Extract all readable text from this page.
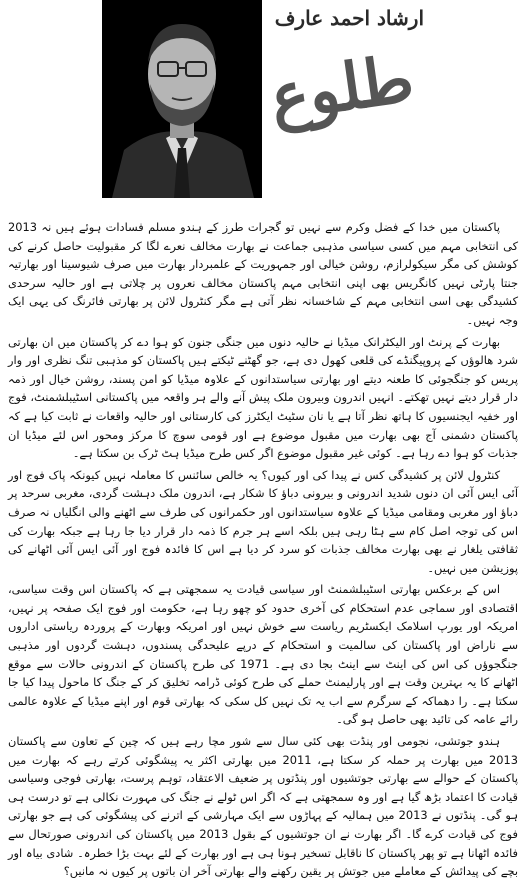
ارشاد احمد عارف
طلوع

پاکستان میں خدا کے فضل وکرم سے نہیں تو گجرات طرز کے ہندو مسلم فسادات ہوئے ہیں نہ 2013 کی انتخابی مہم میں کسی سیاسی مذہبی جماعت نے بھارت مخالف نعرے لگا کر مقبولیت حاصل کرنے کی کوشش کی مگر سیکولرازم، روشن خیالی اور جمہوریت کے علمبردار بھارت میں صرف شیوسینا اور بھارتیہ جنتا پارٹی نہیں کانگریس بھی اپنی انتخابی مہم پاکستان مخالف نعروں پر چلاتی ہے اور حالیہ سرحدی کشیدگی بھی اسی انتخابی مہم کے شاخسانہ نظر آتی ہے مگر کنٹرول لائن پر بھارتی فائرنگ کی یہی ایک وجہ نہیں۔

بھارت کے پرنٹ اور الیکٹرانک میڈیا نے حالیہ دنوں میں جنگی جنون کو ہوا دے کر پاکستان میں ان بھارتی شرد ھالوؤں کے پروپیگنڈے کی قلعی کھول دی ہے، جو گھٹنے ٹیکتے ہیں پاکستان کو مذہبی تنگ نظری اور وار پریس کو جنگجوئی کا طعنہ دیتے اور بھارتی سیاستدانوں کے علاوہ میڈیا کو امن پسند، روشن خیال اور ذمہ دار قرار دیتے نہیں تھکتے۔ انہیں اندرون وبیرون ملک پیش آنے والے ہر واقعہ میں پاکستانی اسٹیبلشمنٹ، فوج اور خفیہ ایجنسیوں کا ہاتھ نظر آتا ہے یا نان سٹیٹ ایکٹرز کی کارستانی اور حالیہ واقعات نے ثابت کیا ہے کہ پاکستان دشمنی آج بھی بھارت میں مقبول موضوع ہے اور قومی سوچ کا مرکز ومحور اس لئے میڈیا ان جذبات کو ہوا دے رہا ہے۔ کوئی غیر مقبول موضوع اگر کس طرح میڈیا ہٹ ٹرک بن سکتا ہے۔

کنٹرول لائن پر کشیدگی کس نے پیدا کی اور کیوں؟ یہ خالص سائنس کا معاملہ نہیں کیونکہ پاک فوج اور آئی ایس آئی ان دنوں شدید اندرونی و بیرونی دباؤ کا شکار ہے، اندرون ملک دہشت گردی، مغربی سرحد پر دباؤ اور مغربی ومقامی میڈیا کے علاوہ سیاستدانوں اور حکمرانوں کی طرف سے اٹھنے والی انگلیاں نہ صرف اس کی توجہ اصل کام سے ہٹا رہی ہیں بلکہ اسے ہر جرم کا ذمہ دار قرار دیا جا رہا ہے جبکہ بھارت کی ثقافتی یلغار نے بھی بھارت مخالف جذبات کو سرد کر دیا ہے اس کا فائدہ فوج اور آئی ایس آئی اٹھانے کی پوزیشن میں نہیں۔

اس کے برعکس بھارتی اسٹیبلشمنٹ اور سیاسی قیادت یہ سمجھتی ہے کہ پاکستان اس وقت سیاسی، اقتصادی اور سماجی عدم استحکام کی آخری حدود کو چھو رہا ہے، حکومت اور فوج ایک صفحہ پر نہیں، امریکہ اور یورپ اسلامک ایکسٹریم ریاست سے خوش نہیں اور امریکہ وبھارت کے پروردہ ریاستی اداروں سے ناراض اور پاکستان کی سالمیت و استحکام کے درپے علیحدگی پسندوں، دہشت گردوں اور مذہبی جنگجوؤں کی اس کی اینٹ سے اینٹ بجا دی ہے۔ 1971 کی طرح پاکستان کے اندرونی حالات سے موقع اٹھانے کا یہ بہترین وقت ہے اور پارلیمنٹ حملے کی طرح کوئی ڈرامہ تخلیق کر کے جنگ کا ماحول پیدا کیا جا سکتا ہے۔ را دھماکہ کے سرگرم سے اب یہ تک نہیں کل سکی کہ بھارتی قوم اور اپنے میڈیا کے علاوہ عالمی رائے عامہ کی تائید بھی حاصل ہو گی۔

ہندو جوتشی، نجومی اور پنڈت بھی کئی سال سے شور مچا رہے ہیں کہ چین کے تعاون سے پاکستان 2013 میں بھارت پر حملہ کر سکتا ہے، 2011 میں بھارتی اکثر یہ پیشگوئی کرتے رہے کہ بھارت میں پاکستان کے حوالے سے بھارتی جوتشیوں اور پنڈتوں پر ضعیف الاعتقاد، توہم پرست، بھارتی فوجی وسیاسی قیادت کا اعتماد بڑھ گیا ہے اور وہ سمجھتی ہے کہ اگر اس ٹولے نے جنگ کی مہورت نکالی ہے تو درست ہی ہو گی۔ پنڈتوں نے 2013 میں ہمالیہ کے پہاڑوں سے ایک مہارشی کے اترنے کی پیشگوئی کی ہے جو بھارتی فوج کی قیادت کرے گا۔ اگر بھارت نے ان جوتشیوں کے بقول 2013 میں پاکستان کی اندرونی صورتحال سے فائدہ اٹھانا ہے تو پھر پاکستان کا ناقابل تسخیر ہونا ہی ہے اور بھارت کے لئے بہت بڑا خطرہ۔ شادی بیاہ اور بچے کی پیدائش کے معاملے میں جوتش پر یقین رکھنے والے بھارتی آخر ان باتوں پر کیوں نہ مانیں؟
